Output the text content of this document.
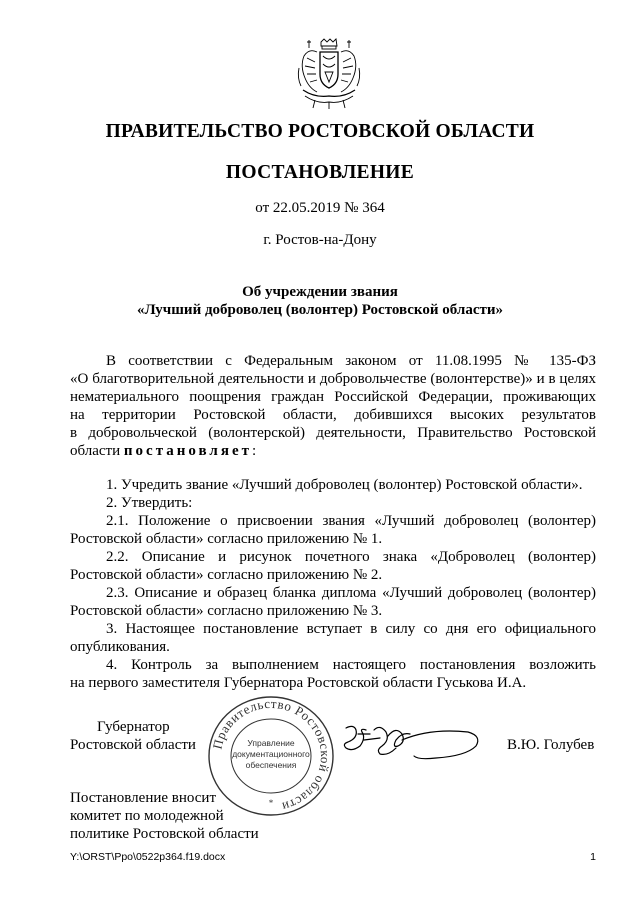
ПРАВИТЕЛЬСТВО РОСТОВСКОЙ ОБЛАСТИ
ПОСТАНОВЛЕНИЕ
от 22.05.2019 № 364
г. Ростов-на-Дону
Об учреждении звания
«Лучший доброволец (волонтер) Ростовской области»
В соответствии с Федеральным законом от 11.08.1995 № 135-ФЗ
«О благотворительной деятельности и добровольчестве (волонтерстве)» и в целях
нематериального поощрения граждан Российской Федерации, проживающих
на территории Ростовской области, добившихся высоких результатов
в добровольческой (волонтерской) деятельности, Правительство Ростовской
области постановляет:
1. Учредить звание «Лучший доброволец (волонтер) Ростовской области».
2. Утвердить:
2.1. Положение о присвоении звания «Лучший доброволец (волонтер)
Ростовской области» согласно приложению № 1.
2.2. Описание и рисунок почетного знака «Доброволец (волонтер)
Ростовской области» согласно приложению № 2.
2.3. Описание и образец бланка диплома «Лучший доброволец (волонтер)
Ростовской области» согласно приложению № 3.
3. Настоящее постановление вступает в силу со дня его официального
опубликования.
4. Контроль за выполнением настоящего постановления возложить
на первого заместителя Губернатора Ростовской области Гуськова И.А.
Губернатор
Ростовской области	В.Ю. Голубев
Правительство Ростовской области
Управление
документационного
обеспечения
*
Постановление вносит
комитет по молодежной
политике Ростовской области
Y:\ORST\Ppo\0522p364.f19.docx	1
